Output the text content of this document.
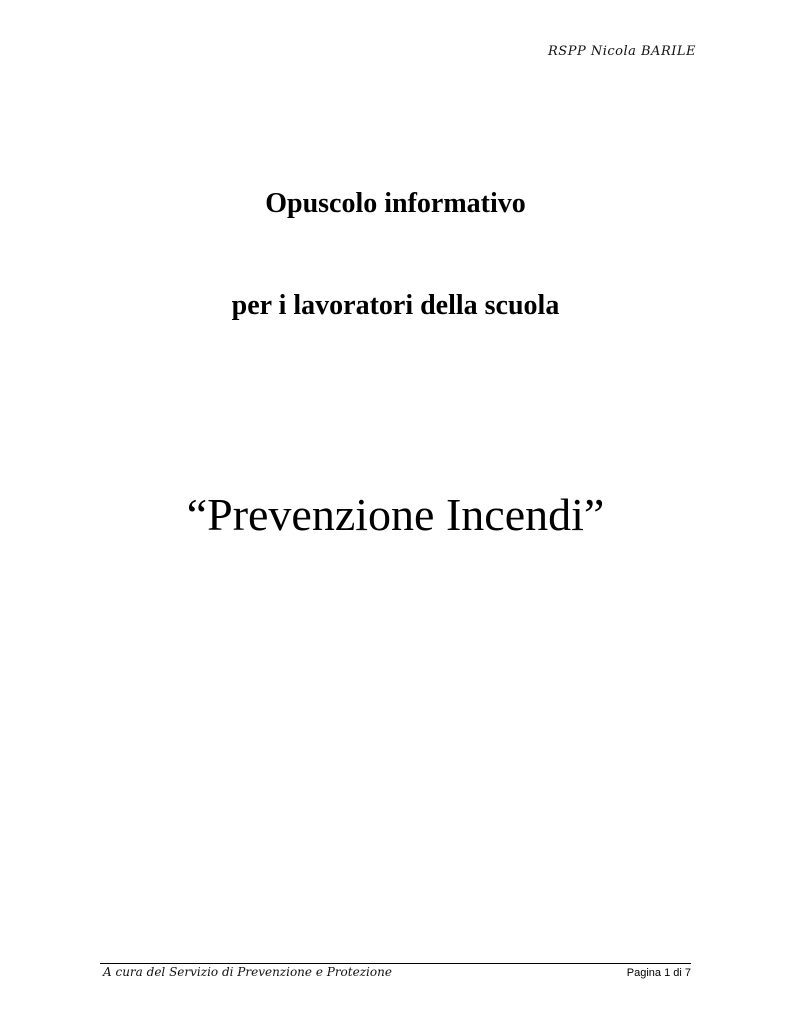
RSPP Nicola BARILE
Opuscolo informativo
per i lavoratori della scuola
“Prevenzione Incendi”
A cura del Servizio di Prevenzione e Protezione	Pagina 1 di 7
